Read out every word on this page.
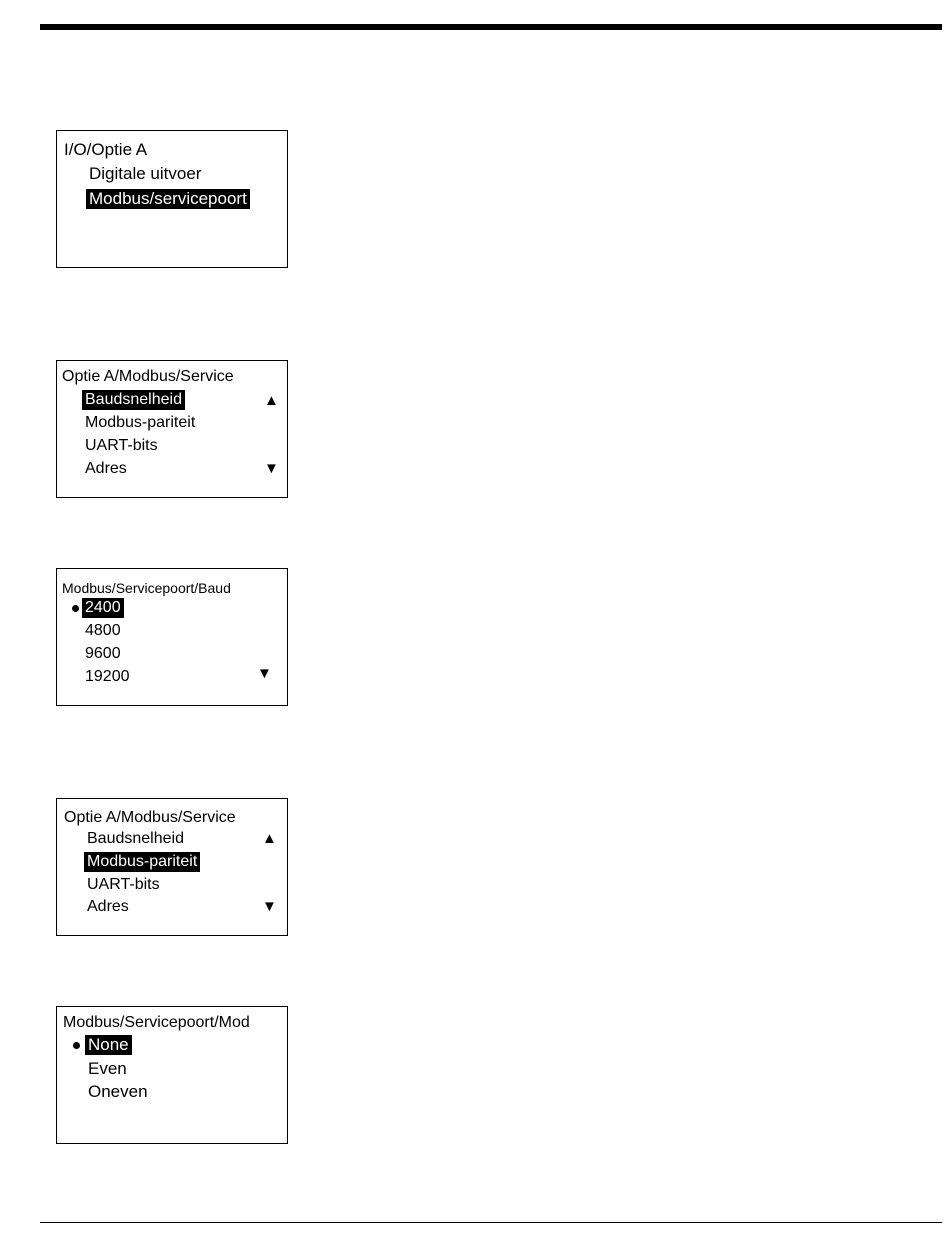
I/O/Optie A
Digitale uitvoer
Modbus/servicepoort
Optie A/Modbus/Service
Baudsnelheid
Modbus-pariteit
UART-bits
Adres
▲
▼
Modbus/Servicepoort/Baud
2400
4800
9600
19200	▼
Optie A/Modbus/Service
Baudsnelheid
Modbus-pariteit
UART-bits
Adres
▲
▼
Modbus/Servicepoort/Mod
None
Even
Oneven
